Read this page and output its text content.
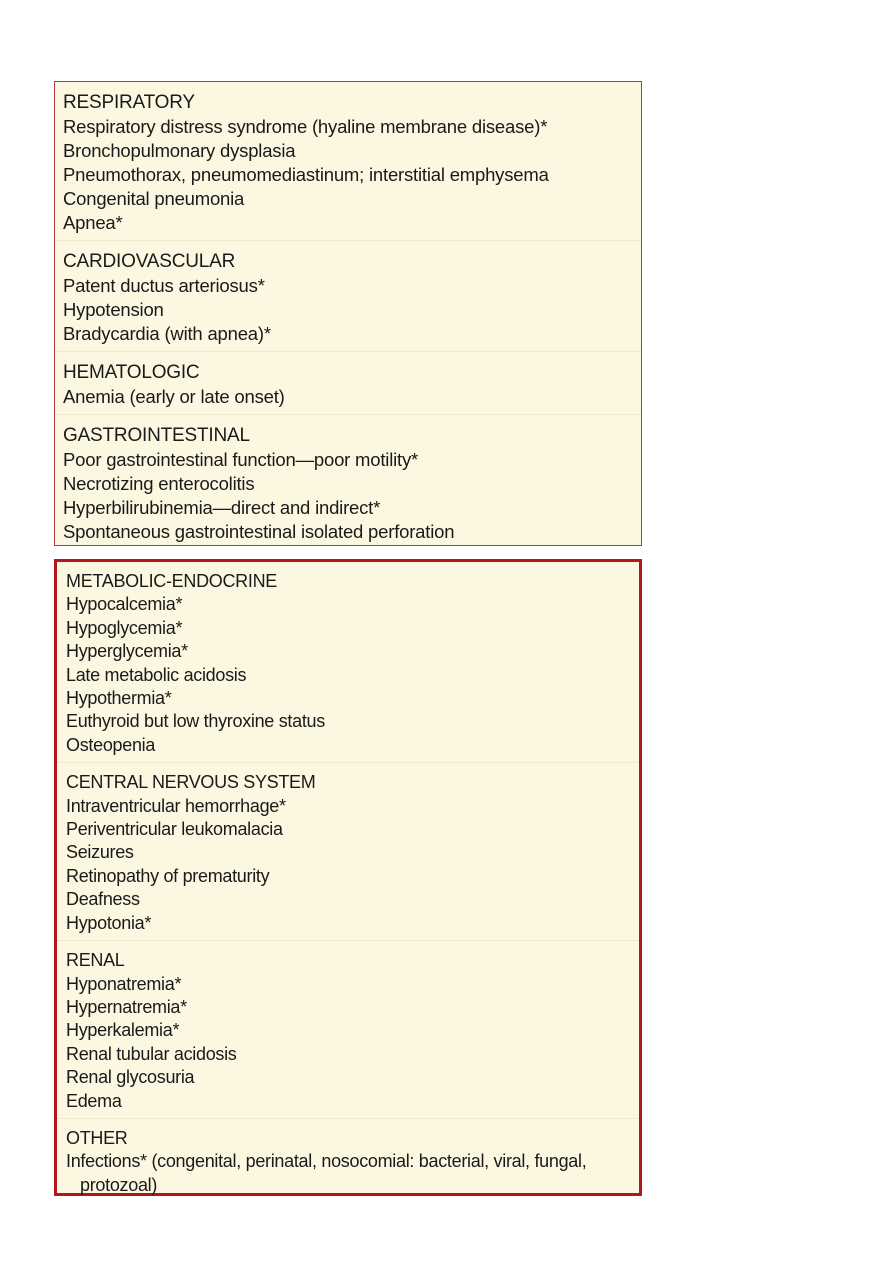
RESPIRATORY
Respiratory distress syndrome (hyaline membrane disease)*
Bronchopulmonary dysplasia
Pneumothorax, pneumomediastinum; interstitial emphysema
Congenital pneumonia
Apnea*
CARDIOVASCULAR
Patent ductus arteriosus*
Hypotension
Bradycardia (with apnea)*
HEMATOLOGIC
Anemia (early or late onset)
GASTROINTESTINAL
Poor gastrointestinal function—poor motility*
Necrotizing enterocolitis
Hyperbilirubinemia—direct and indirect*
Spontaneous gastrointestinal isolated perforation
METABOLIC-ENDOCRINE
Hypocalcemia*
Hypoglycemia*
Hyperglycemia*
Late metabolic acidosis
Hypothermia*
Euthyroid but low thyroxine status
Osteopenia
CENTRAL NERVOUS SYSTEM
Intraventricular hemorrhage*
Periventricular leukomalacia
Seizures
Retinopathy of prematurity
Deafness
Hypotonia*
RENAL
Hyponatremia*
Hypernatremia*
Hyperkalemia*
Renal tubular acidosis
Renal glycosuria
Edema
OTHER
Infections* (congenital, perinatal, nosocomial: bacterial, viral, fungal, protozoal)
